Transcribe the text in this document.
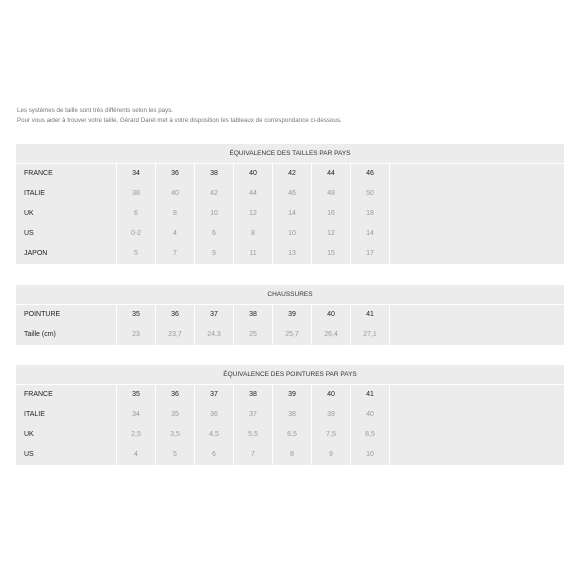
Les systèmes de taille sont très différents selon les pays.
Pour vous aider à trouver votre taille, Gérard Darel met à votre disposition les tableaux de correspondance ci-dessous.
ÉQUIVALENCE DES TAILLES PAR PAYS
FRANCE	34	36	38	40	42	44	46
ITALIE	38	40	42	44	46	48	50
UK	6	8	10	12	14	16	18
US	0-2	4	6	8	10	12	14
JAPON	5	7	9	11	13	15	17
CHAUSSURES
POINTURE	35	36	37	38	39	40	41
Taille (cm)	23	23,7	24,3	25	25,7	26,4	27,1
ÉQUIVALENCE DES POINTURES PAR PAYS
FRANCE	35	36	37	38	39	40	41
ITALIE	34	35	36	37	38	39	40
UK	2,5	3,5	4,5	5,5	6,5	7,5	8,5
US	4	5	6	7	8	9	10
